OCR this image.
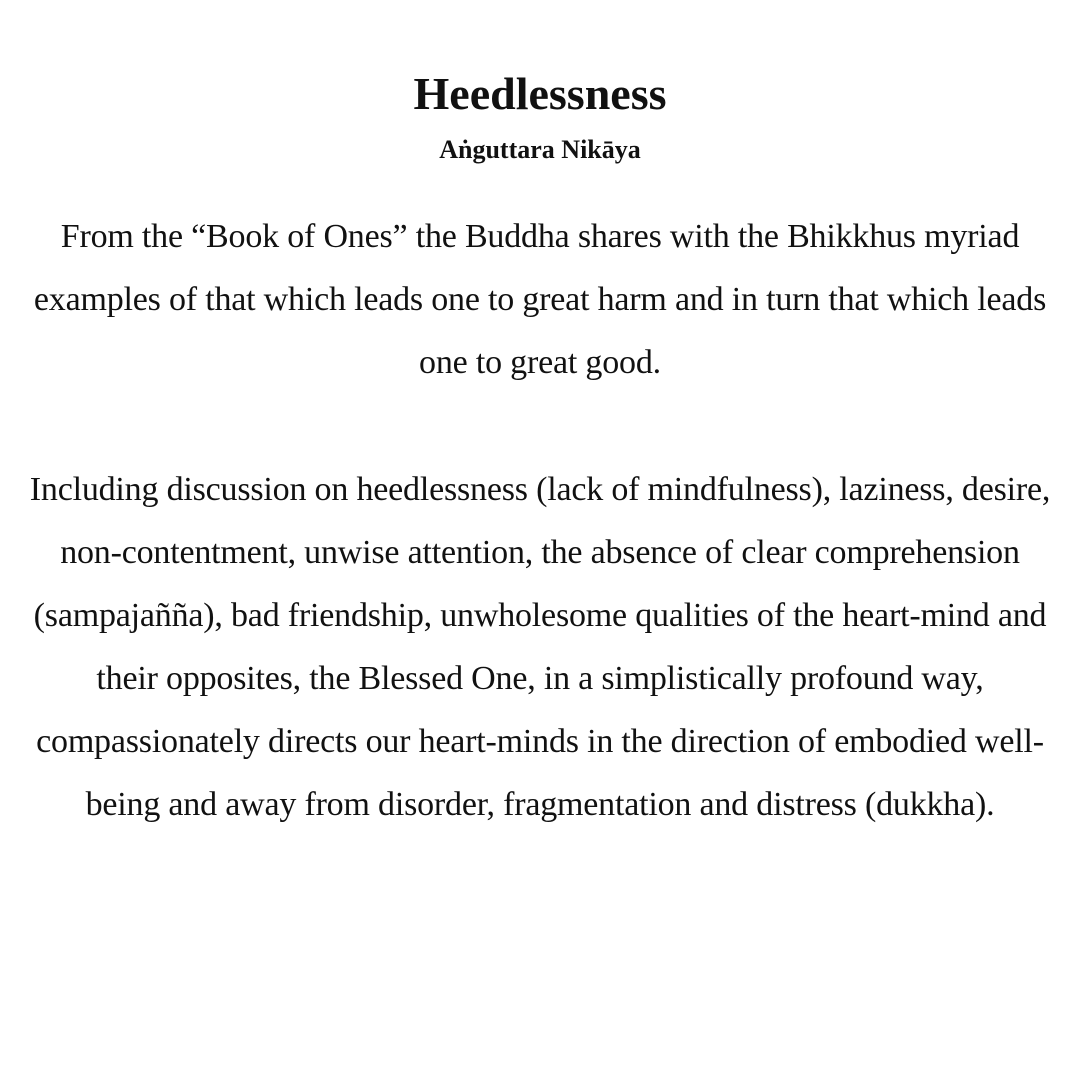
Heedlessness
Aṅguttara Nikāya

From the “Book of Ones” the Buddha shares with the Bhikkhus myriad examples of that which leads one to great harm and in turn that which leads one to great good.

Including discussion on heedlessness (lack of mindfulness), laziness, desire, non-contentment, unwise attention, the absence of clear comprehension (sampajañña), bad friendship, unwholesome qualities of the heart-mind and their opposites, the Blessed One, in a simplistically profound way, compassionately directs our heart-minds in the direction of embodied well-being and away from disorder, fragmentation and distress (dukkha).
